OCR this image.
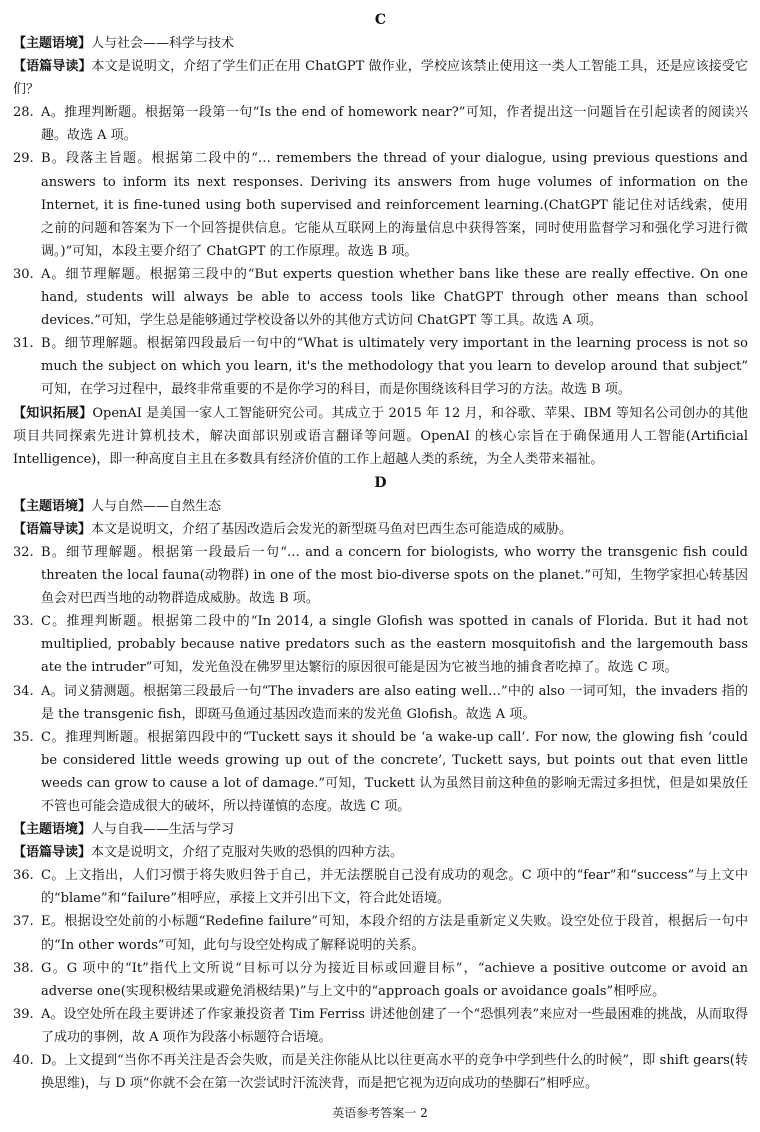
C

【主题语境】人与社会——科学与技术

【语篇导读】本文是说明文，介绍了学生们正在用 ChatGPT 做作业，学校应该禁止使用这一类人工智能工具，还是应该接受它们？

28. A。推理判断题。根据第一段第一句“Is the end of homework near?”可知，作者提出这一问题旨在引起读者的阅读兴趣。故选 A 项。

29. B。段落主旨题。根据第二段中的“… remembers the thread of your dialogue, using previous questions and answers to inform its next responses. Deriving its answers from huge volumes of information on the Internet, it is fine-tuned using both supervised and reinforcement learning.(ChatGPT 能记住对话线索，使用之前的问题和答案为下一个回答提供信息。它能从互联网上的海量信息中获得答案，同时使用监督学习和强化学习进行微调。)”可知，本段主要介绍了 ChatGPT 的工作原理。故选 B 项。

30. A。细节理解题。根据第三段中的“But experts question whether bans like these are really effective. On one hand, students will always be able to access tools like ChatGPT through other means than school devices.”可知，学生总是能够通过学校设备以外的其他方式访问 ChatGPT 等工具。故选 A 项。

31. B。细节理解题。根据第四段最后一句中的“What is ultimately very important in the learning process is not so much the subject on which you learn, it's the methodology that you learn to develop around that subject” 可知，在学习过程中，最终非常重要的不是你学习的科目，而是你围绕该科目学习的方法。故选 B 项。

【知识拓展】OpenAI 是美国一家人工智能研究公司。其成立于 2015 年 12 月，和谷歌、苹果、IBM 等知名公司创办的其他项目共同探索先进计算机技术，解决面部识别或语言翻译等问题。OpenAI 的核心宗旨在于确保通用人工智能(Artificial Intelligence)，即一种高度自主且在多数具有经济价值的工作上超越人类的系统，为全人类带来福祉。

D

【主题语境】人与自然——自然生态

【语篇导读】本文是说明文，介绍了基因改造后会发光的新型斑马鱼对巴西生态可能造成的威胁。

32. B。细节理解题。根据第一段最后一句“… and a concern for biologists, who worry the transgenic fish could threaten the local fauna(动物群) in one of the most bio-diverse spots on the planet.”可知，生物学家担心转基因鱼会对巴西当地的动物群造成威胁。故选 B 项。

33. C。推理判断题。根据第二段中的“In 2014, a single Glofish was spotted in canals of Florida. But it had not multiplied, probably because native predators such as the eastern mosquitofish and the largemouth bass ate the intruder”可知，发光鱼没在佛罗里达繁衍的原因很可能是因为它被当地的捕食者吃掉了。故选 C 项。

34. A。词义猜测题。根据第三段最后一句“The invaders are also eating well…”中的 also 一词可知，the invaders 指的是 the transgenic fish，即斑马鱼通过基因改造而来的发光鱼 Glofish。故选 A 项。

35. C。推理判断题。根据第四段中的“Tuckett says it should be ‘a wake-up call’. For now, the glowing fish ‘could be considered little weeds growing up out of the concrete’, Tuckett says, but points out that even little weeds can grow to cause a lot of damage.”可知，Tuckett 认为虽然目前这种鱼的影响无需过多担忧，但是如果放任不管也可能会造成很大的破坏，所以持谨慎的态度。故选 C 项。

【主题语境】人与自我——生活与学习

【语篇导读】本文是说明文，介绍了克服对失败的恐惧的四种方法。

36. C。上文指出，人们习惯于将失败归咎于自己，并无法摆脱自己没有成功的观念。C 项中的“fear”和“success”与上文中的“blame”和“failure”相呼应，承接上文并引出下文，符合此处语境。

37. E。根据设空处前的小标题“Redefine failure”可知，本段介绍的方法是重新定义失败。设空处位于段首，根据后一句中的“In other words”可知，此句与设空处构成了解释说明的关系。

38. G。G 项中的“It”指代上文所说“目标可以分为接近目标或回避目标”，“achieve a positive outcome or avoid an adverse one(实现积极结果或避免消极结果)”与上文中的“approach goals or avoidance goals”相呼应。

39. A。设空处所在段主要讲述了作家兼投资者 Tim Ferriss 讲述他创建了一个“恐惧列表”来应对一些最困难的挑战，从而取得了成功的事例，故 A 项作为段落小标题符合语境。

40. D。上文提到“当你不再关注是否会失败，而是关注你能从比以往更高水平的竞争中学到些什么的时候”，即 shift gears(转换思维)，与 D 项“你就不会在第一次尝试时汗流浃背，而是把它视为迈向成功的垫脚石”相呼应。

英语参考答案一 2
